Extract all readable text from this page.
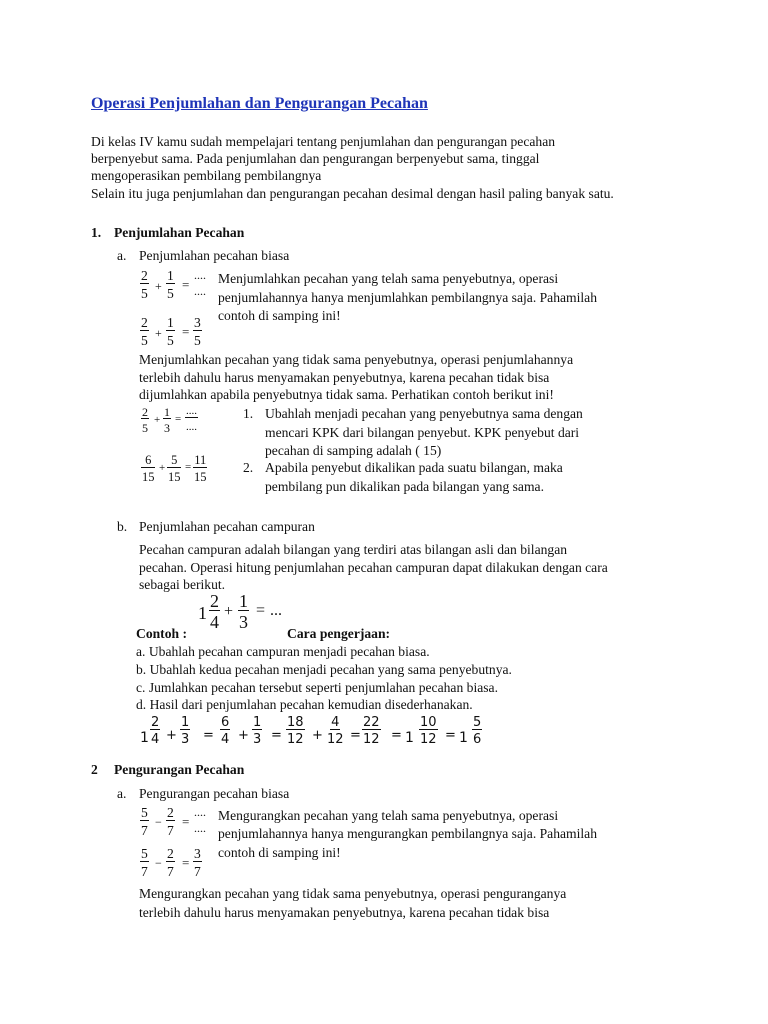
Operasi Penjumlahan dan Pengurangan Pecahan
Di kelas IV kamu sudah mempelajari tentang penjumlahan dan pengurangan pecahan
berpenyebut sama. Pada penjumlahan dan pengurangan berpenyebut sama, tinggal
mengoperasikan pembilang pembilangnya
Selain itu juga penjumlahan dan pengurangan pecahan desimal dengan hasil paling banyak satu.
1. Penjumlahan Pecahan
a. Penjumlahan pecahan biasa
$\frac{2}{5} + \frac{1}{5}$ =
....
....
Menjumlahkan pecahan yang telah sama penyebutnya, operasi
penjumlahannya hanya menjumlahkan pembilangnya saja. Pahamilah
contoh di samping ini!
$\frac{2}{5} + \frac{1}{5} = \frac{3}{5}$
Menjumlahkan pecahan yang tidak sama penyebutnya, operasi penjumlahannya
terlebih dahulu harus menyamakan penyebutnya, karena pecahan tidak bisa
dijumlahkan apabila penyebutnya tidak sama. Perhatikan contoh berikut ini!
$\frac{2}{5} + \frac{1}{3}$ =
....
....
1. Ubahlah menjadi pecahan yang penyebutnya sama dengan
mencari KPK dari bilangan penyebut. KPK penyebut dari
pecahan di samping adalah ( 15)
2. Apabila penyebut dikalikan pada suatu bilangan, maka
pembilang pun dikalikan pada bilangan yang sama.
$\frac{6}{15} + \frac{5}{15} = \frac{11}{15}$
b. Penjumlahan pecahan campuran
Pecahan campuran adalah bilangan yang terdiri atas bilangan asli dan bilangan
pecahan. Operasi hitung penjumlahan pecahan campuran dapat dilakukan dengan cara
sebagai berikut.
$1 \frac{2}{4} + \frac{1}{3}$ = ...
Contoh :	Cara pengerjaan:
a. Ubahlah pecahan campuran menjadi pecahan biasa.
b. Ubahlah kedua pecahan menjadi pecahan yang sama penyebutnya.
c. Jumlahkan pecahan tersebut seperti penjumlahan pecahan biasa.
d. Hasil dari penjumlahan pecahan kemudian disederhanakan.
$1 \frac{2}{4} + \frac{1}{3} = \frac{6}{4} + \frac{1}{3} = \frac{18}{12} + \frac{4}{12} = \frac{22}{12} = 1 \frac{10}{12} = 1 \frac{5}{6}$
2 Pengurangan Pecahan
a. Pengurangan pecahan biasa
$\frac{5}{7} - \frac{2}{7}$ =
....
....
Mengurangkan pecahan yang telah sama penyebutnya, operasi
penjumlahannya hanya mengurangkan pembilangnya saja. Pahamilah
contoh di samping ini!
$\frac{5}{7} - \frac{2}{7} = \frac{3}{7}$
Mengurangkan pecahan yang tidak sama penyebutnya, operasi penguranganya
terlebih dahulu harus menyamakan penyebutnya, karena pecahan tidak bisa
